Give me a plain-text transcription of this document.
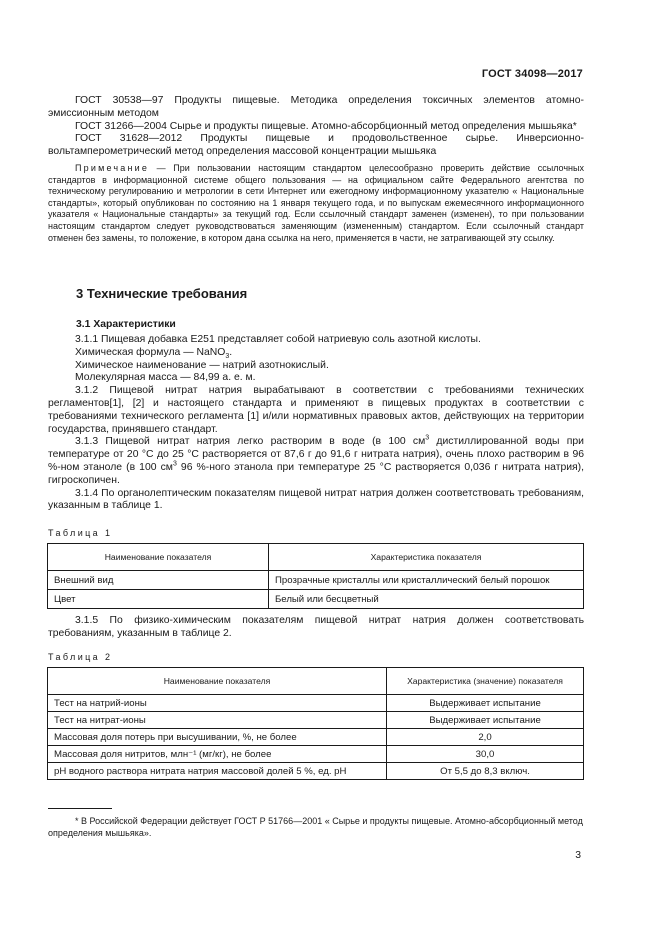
ГОСТ 34098—2017

ГОСТ 30538—97 Продукты пищевые. Методика определения токсичных элементов атомно-эмиссионным методом

ГОСТ 31266—2004 Сырье и продукты пищевые. Атомно-абсорбционный метод определения мышьяка*

ГОСТ 31628—2012 Продукты пищевые и продовольственное сырье. Инверсионно-вольтамперометрический метод определения массовой концентрации мышьяка

Примечание — При пользовании настоящим стандартом целесообразно проверить действие ссылочных стандартов в информационной системе общего пользования — на официальном сайте Федерального агентства по техническому регулированию и метрологии в сети Интернет или ежегодному информационному указателю « Национальные стандарты», который опубликован по состоянию на 1 января текущего года, и по выпускам ежемесячного информационного указателя « Национальные стандарты» за текущий год. Если ссылочный стандарт заменен (изменен), то при пользовании настоящим стандартом следует руководствоваться заменяющим (измененным) стандартом. Если ссылочный стандарт отменен без замены, то положение, в котором дана ссылка на него, применяется в части, не затрагивающей эту ссылку.

3 Технические требования
3.1 Характеристики

3.1.1 Пищевая добавка Е251 представляет собой натриевую соль азотной кислоты.

Химическая формула — NaNO$_3$.

Химическое наименование — натрий азотнокислый.

Молекулярная масса — 84,99 а. е. м.

3.1.2 Пищевой нитрат натрия вырабатывают в соответствии с требованиями технических регламентов[1], [2] и настоящего стандарта и применяют в пищевых продуктах в соответствии с требованиями технического регламента [1] и/или нормативных правовых актов, действующих на территории государства, принявшего стандарт.

3.1.3 Пищевой нитрат натрия легко растворим в воде (в 100 $см^3$ дистиллированной воды при температуре от 20 °С до 25 °С растворяется от 87,6 г до 91,6 г нитрата натрия), очень плохо растворим в 96 %-ном этаноле (в 100 $см^3$ 96 %-ного этанола при температуре 25 °С растворяется 0,036 г нитрата натрия), гигроскопичен.

3.1.4 По органолептическим показателям пищевой нитрат натрия должен соответствовать требованиям, указанным в таблице 1.

Таблица 1
Наименование показателя	Характеристика показателя
Внешний вид	Прозрачные кристаллы или кристаллический белый порошок
Цвет	Белый или бесцветный

3.1.5 По физико-химическим показателям пищевой нитрат натрия должен соответствовать требованиям, указанным в таблице 2.

Таблица 2
Наименование показателя	Характеристика (значение) показателя
Тест на натрий-ионы	Выдерживает испытание
Тест на нитрат-ионы	Выдерживает испытание
Массовая доля потерь при высушивании, %, не более	2,0
Массовая доля нитритов, млн⁻¹ (мг/кг), не более	30,0
pH водного раствора нитрата натрия массовой долей 5 %, ед. pH	От 5,5 до 8,3 включ.
* В Российской Федерации действует ГОСТ Р 51766—2001 « Сырье и продукты пищевые. Атомно-абсорбционный метод определения мышьяка».
3
